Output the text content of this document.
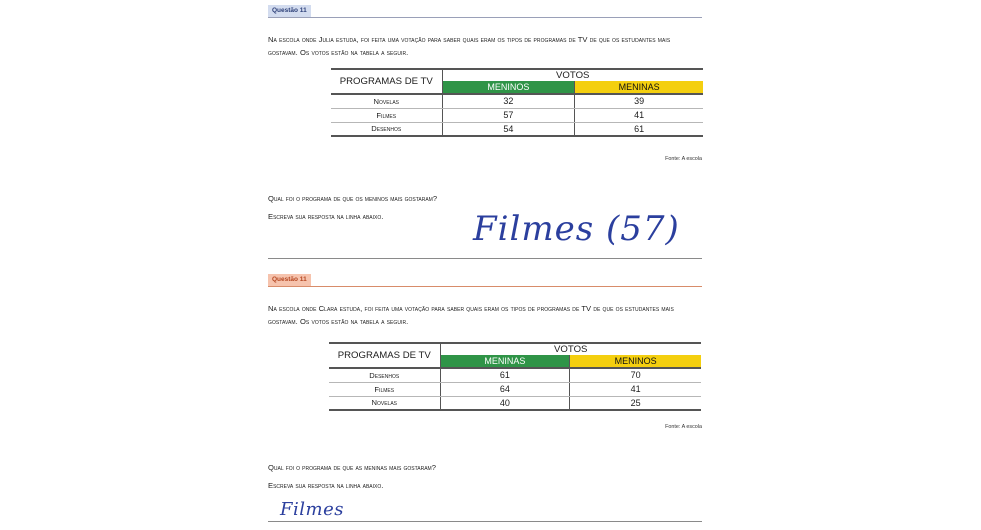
Questão 11

Na escola onde Julia estuda, foi feita uma votação para saber quais eram os tipos de programas de TV de que os estudantes mais gostavam. Os votos estão na tabela a seguir.

PROGRAMAS DE TV	VOTOS	
	MENINOS	MENINAS
Novelas	32	39
Filmes	57	41
Desenhos	54	61
Fonte: A escola

Qual foi o programa de que os meninos mais gostaram?

Escreva sua resposta na linha abaixo.	Filmes (57)
Questão 11

Na escola onde Clara estuda, foi feita uma votação para saber quais eram os tipos de programas de TV de que os estudantes mais gostavam. Os votos estão na tabela a seguir.

PROGRAMAS DE TV	VOTOS	
	MENINAS	MENINOS
Desenhos	61	70
Filmes	64	41
Novelas	40	25
Fonte: A escola

Qual foi o programa de que as meninas mais gostaram?

Escreva sua resposta na linha abaixo.

Filmes
